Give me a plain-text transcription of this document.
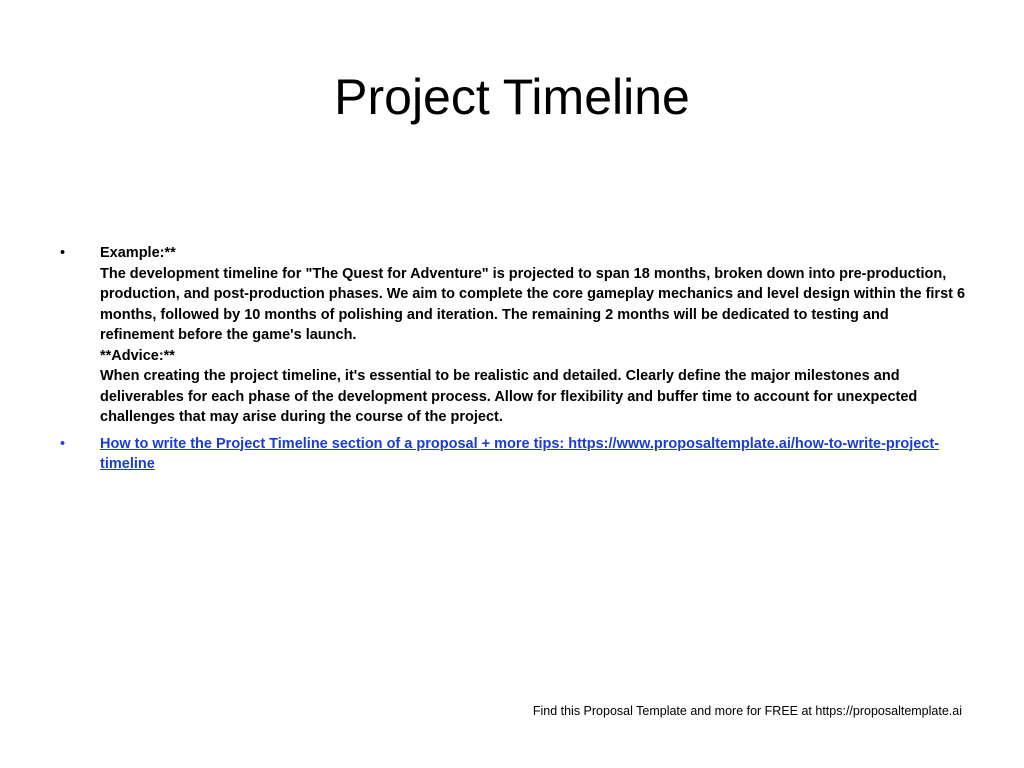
Project Timeline
• Example:**
The development timeline for "The Quest for Adventure" is projected to span 18 months, broken down into pre-production, production, and post-production phases. We aim to complete the core gameplay mechanics and level design within the first 6 months, followed by 10 months of polishing and iteration. The remaining 2 months will be dedicated to testing and refinement before the game's launch.
**Advice:**
When creating the project timeline, it's essential to be realistic and detailed. Clearly define the major milestones and deliverables for each phase of the development process. Allow for flexibility and buffer time to account for unexpected challenges that may arise during the course of the project.
• How to write the Project Timeline section of a proposal + more tips: https://www.proposaltemplate.ai/how-to-write-project-timeline
Find this Proposal Template and more for FREE at https://proposaltemplate.ai
